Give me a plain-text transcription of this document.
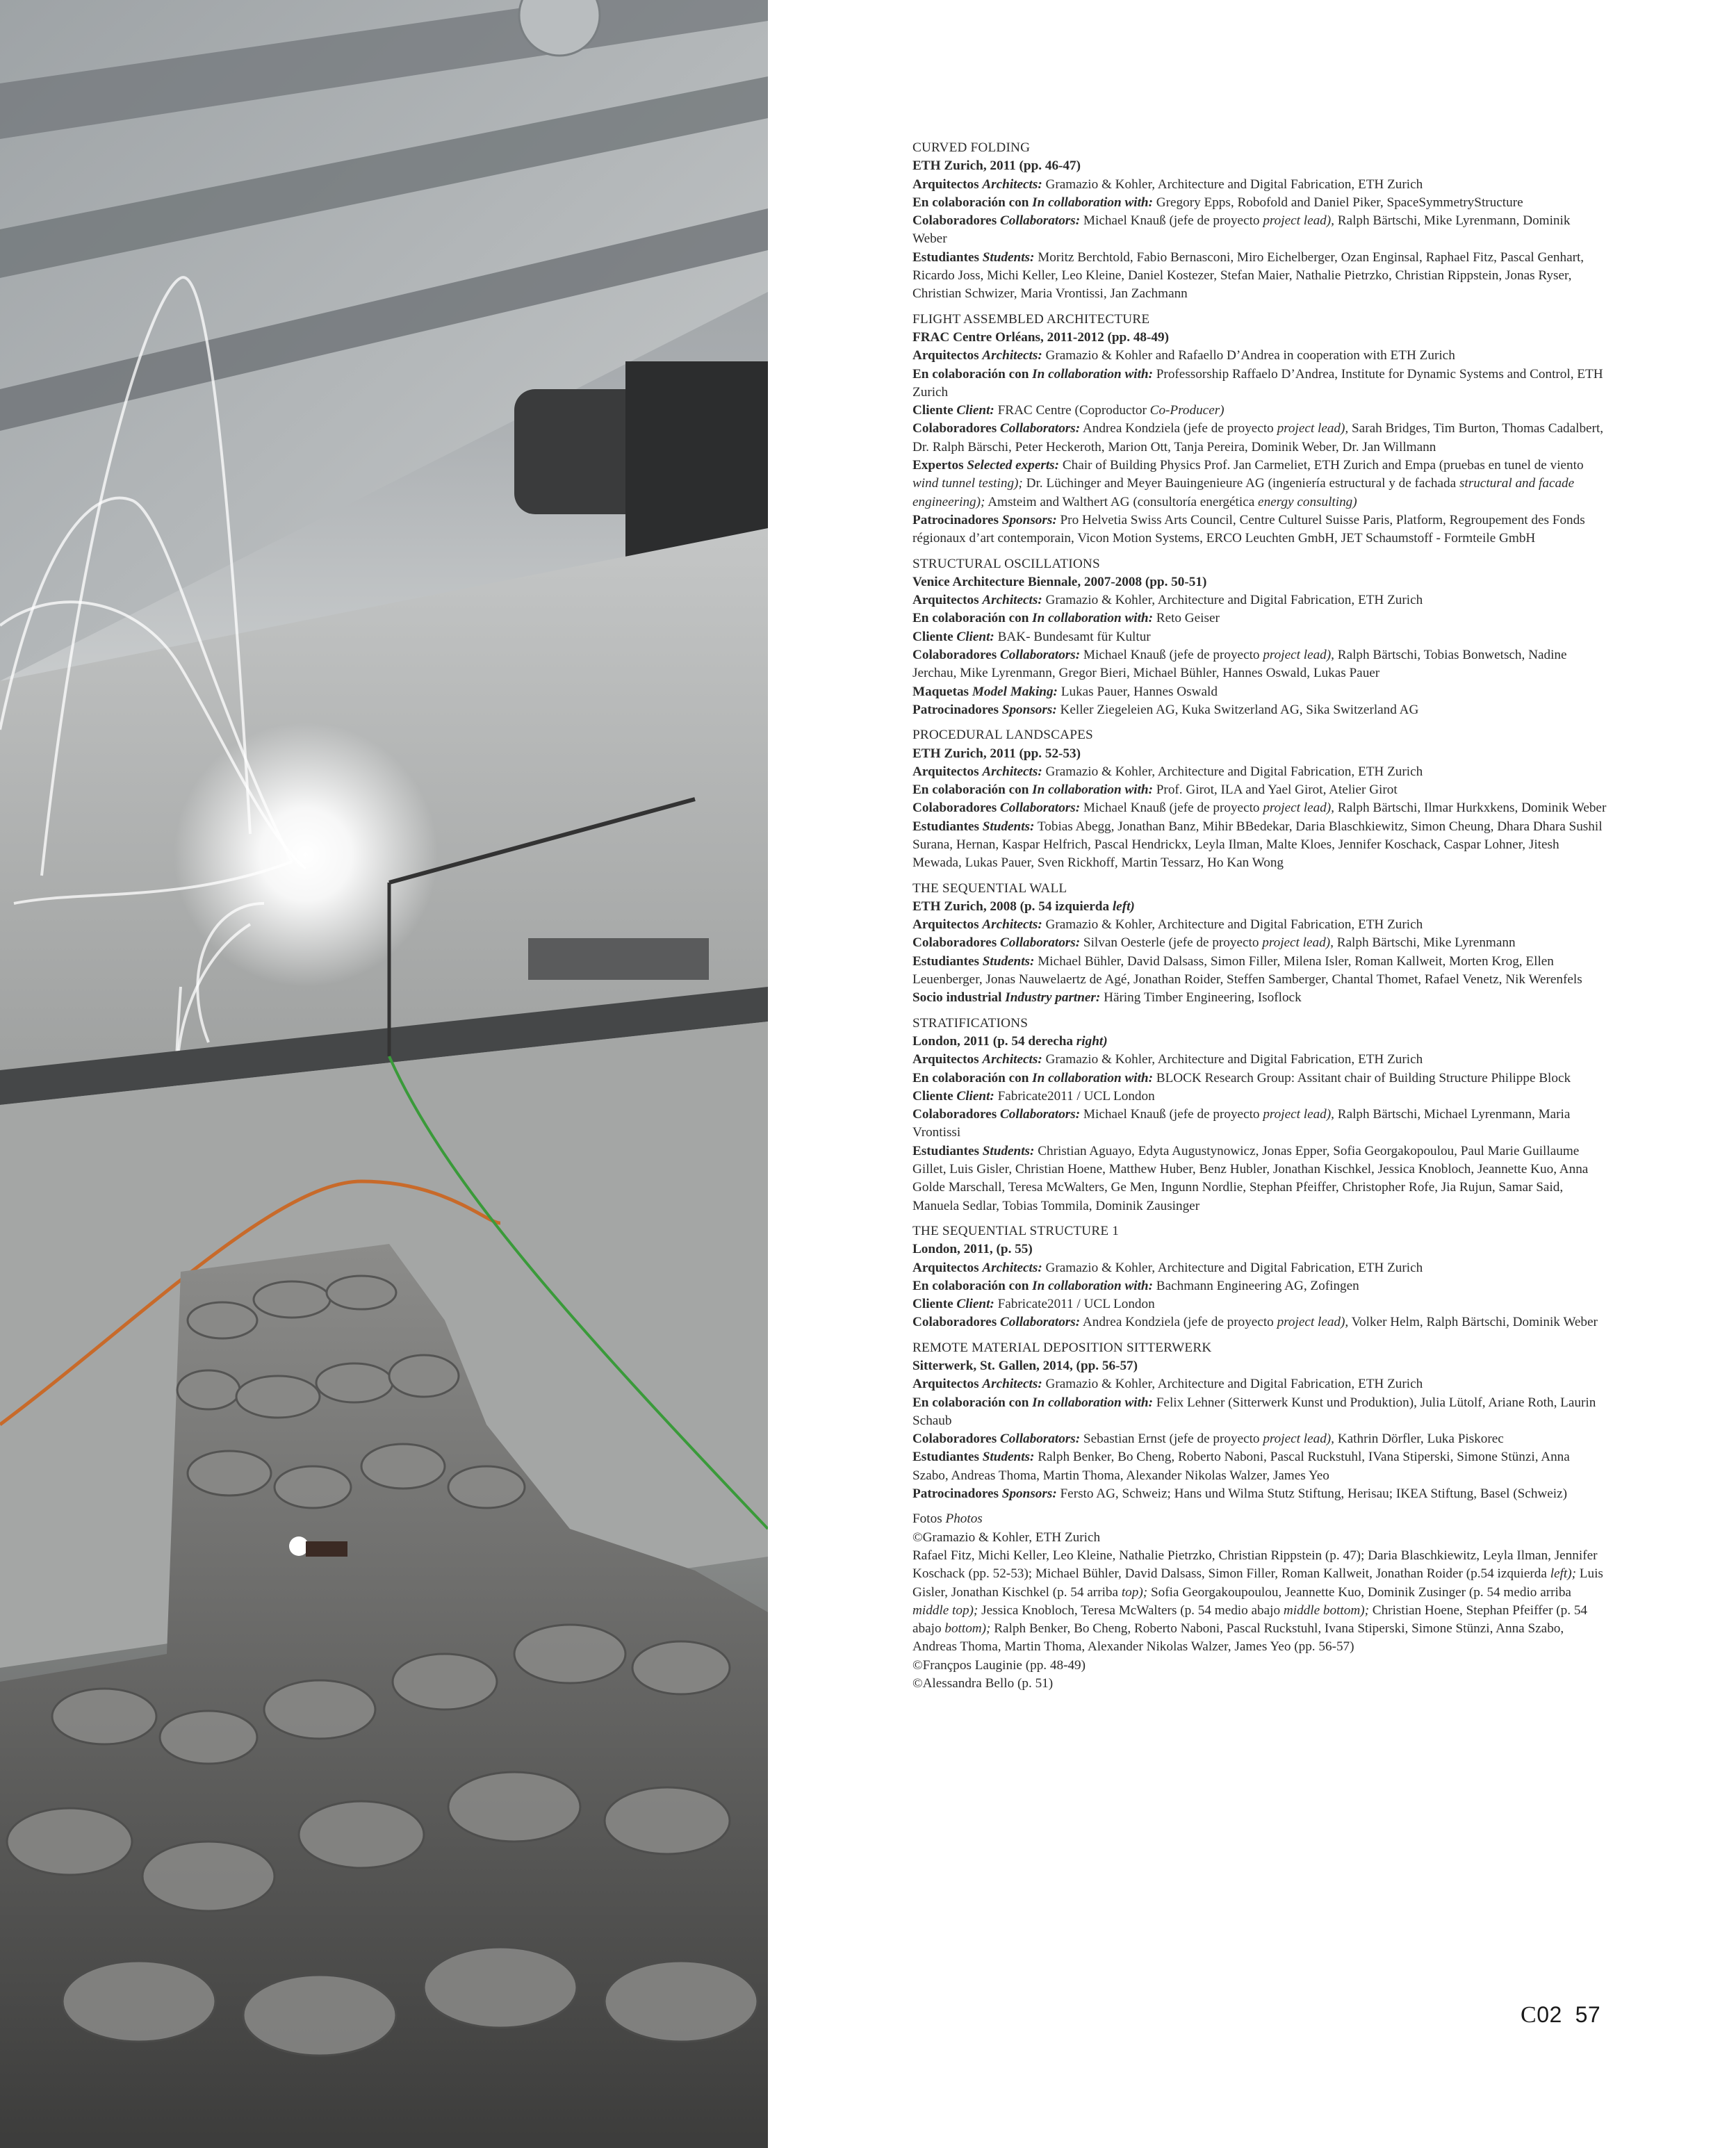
CURVED FOLDING
ETH Zurich, 2011 (pp. 46-47)
Arquitectos Architects: Gramazio & Kohler, Architecture and Digital Fabrication, ETH Zurich
En colaboración con In collaboration with: Gregory Epps, Robofold and Daniel Piker, SpaceSymmetryStructure
Colaboradores Collaborators: Michael Knauß (jefe de proyecto project lead), Ralph Bärtschi, Mike Lyrenmann, Dominik Weber
Estudiantes Students: Moritz Berchtold, Fabio Bernasconi, Miro Eichelberger, Ozan Enginsal, Raphael Fitz, Pascal Genhart, Ricardo Joss, Michi Keller, Leo Kleine, Daniel Kostezer, Stefan Maier, Nathalie Pietrzko, Christian Rippstein, Jonas Ryser, Christian Schwizer, Maria Vrontissi, Jan Zachmann
FLIGHT ASSEMBLED ARCHITECTURE
FRAC Centre Orléans, 2011-2012 (pp. 48-49)
Arquitectos Architects: Gramazio & Kohler and Rafaello D’Andrea in cooperation with ETH Zurich
En colaboración con In collaboration with: Professorship Raffaelo D’Andrea, Institute for Dynamic Systems and Control, ETH Zurich
Cliente Client: FRAC Centre (Coproductor Co-Producer)
Colaboradores Collaborators: Andrea Kondziela (jefe de proyecto project lead), Sarah Bridges, Tim Burton, Thomas Cadalbert, Dr. Ralph Bärschi, Peter Heckeroth, Marion Ott, Tanja Pereira, Dominik Weber, Dr. Jan Willmann
Expertos Selected experts: Chair of Building Physics Prof. Jan Carmeliet, ETH Zurich and Empa (pruebas en tunel de viento wind tunnel testing); Dr. Lüchinger and Meyer Bauingenieure AG (ingeniería estructural y de fachada structural and facade engineering); Amsteim and Walthert AG (consultoría energética energy consulting)
Patrocinadores Sponsors: Pro Helvetia Swiss Arts Council, Centre Culturel Suisse Paris, Platform, Regroupement des Fonds régionaux d’art contemporain, Vicon Motion Systems, ERCO Leuchten GmbH, JET Schaumstoff - Formteile GmbH
STRUCTURAL OSCILLATIONS
Venice Architecture Biennale, 2007-2008 (pp. 50-51)
Arquitectos Architects: Gramazio & Kohler, Architecture and Digital Fabrication, ETH Zurich
En colaboración con In collaboration with: Reto Geiser
Cliente Client: BAK- Bundesamt für Kultur
Colaboradores Collaborators: Michael Knauß (jefe de proyecto project lead), Ralph Bärtschi, Tobias Bonwetsch, Nadine Jerchau, Mike Lyrenmann, Gregor Bieri, Michael Bühler, Hannes Oswald, Lukas Pauer
Maquetas Model Making: Lukas Pauer, Hannes Oswald
Patrocinadores Sponsors: Keller Ziegeleien AG, Kuka Switzerland AG, Sika Switzerland AG
PROCEDURAL LANDSCAPES
ETH Zurich, 2011 (pp. 52-53)
Arquitectos Architects: Gramazio & Kohler, Architecture and Digital Fabrication, ETH Zurich
En colaboración con In collaboration with: Prof. Girot, ILA and Yael Girot, Atelier Girot
Colaboradores Collaborators: Michael Knauß (jefe de proyecto project lead), Ralph Bärtschi, Ilmar Hurkxkens, Dominik Weber
Estudiantes Students: Tobias Abegg, Jonathan Banz, Mihir BBedekar, Daria Blaschkiewitz, Simon Cheung, Dhara Dhara Sushil Surana, Hernan, Kaspar Helfrich, Pascal Hendrickx, Leyla Ilman, Malte Kloes, Jennifer Koschack, Caspar Lohner, Jitesh Mewada, Lukas Pauer, Sven Rickhoff, Martin Tessarz, Ho Kan Wong
THE SEQUENTIAL WALL
ETH Zurich, 2008 (p. 54 izquierda left)
Arquitectos Architects: Gramazio & Kohler, Architecture and Digital Fabrication, ETH Zurich
Colaboradores Collaborators: Silvan Oesterle (jefe de proyecto project lead), Ralph Bärtschi, Mike Lyrenmann
Estudiantes Students: Michael Bühler, David Dalsass, Simon Filler, Milena Isler, Roman Kallweit, Morten Krog, Ellen Leuenberger, Jonas Nauwelaertz de Agé, Jonathan Roider, Steffen Samberger, Chantal Thomet, Rafael Venetz, Nik Werenfels
Socio industrial Industry partner: Häring Timber Engineering, Isoflock
STRATIFICATIONS
London, 2011 (p. 54 derecha right)
Arquitectos Architects: Gramazio & Kohler, Architecture and Digital Fabrication, ETH Zurich
En colaboración con In collaboration with: BLOCK Research Group: Assitant chair of Building Structure Philippe Block
Cliente Client: Fabricate2011 / UCL London
Colaboradores Collaborators: Michael Knauß (jefe de proyecto project lead), Ralph Bärtschi, Michael Lyrenmann, Maria Vrontissi
Estudiantes Students: Christian Aguayo, Edyta Augustynowicz, Jonas Epper, Sofia Georgakopoulou, Paul Marie Guillaume Gillet, Luis Gisler, Christian Hoene, Matthew Huber, Benz Hubler, Jonathan Kischkel, Jessica Knobloch, Jeannette Kuo, Anna Golde Marschall, Teresa McWalters, Ge Men, Ingunn Nordlie, Stephan Pfeiffer, Christopher Rofe, Jia Rujun, Samar Said, Manuela Sedlar, Tobias Tommila, Dominik Zausinger
THE SEQUENTIAL STRUCTURE 1
London, 2011, (p. 55)
Arquitectos Architects: Gramazio & Kohler, Architecture and Digital Fabrication, ETH Zurich
En colaboración con In collaboration with: Bachmann Engineering AG, Zofingen
Cliente Client: Fabricate2011 / UCL London
Colaboradores Collaborators: Andrea Kondziela (jefe de proyecto project lead), Volker Helm, Ralph Bärtschi, Dominik Weber
REMOTE MATERIAL DEPOSITION SITTERWERK
Sitterwerk, St. Gallen, 2014, (pp. 56-57)
Arquitectos Architects: Gramazio & Kohler, Architecture and Digital Fabrication, ETH Zurich
En colaboración con In collaboration with: Felix Lehner (Sitterwerk Kunst und Produktion), Julia Lütolf, Ariane Roth, Laurin Schaub
Colaboradores Collaborators: Sebastian Ernst (jefe de proyecto project lead), Kathrin Dörfler, Luka Piskorec
Estudiantes Students: Ralph Benker, Bo Cheng, Roberto Naboni, Pascal Ruckstuhl, IVana Stiperski, Simone Stünzi, Anna Szabo, Andreas Thoma, Martin Thoma, Alexander Nikolas Walzer, James Yeo
Patrocinadores Sponsors: Fersto AG, Schweiz; Hans und Wilma Stutz Stiftung, Herisau; IKEA Stiftung, Basel (Schweiz)
Fotos Photos
©Gramazio & Kohler, ETH Zurich
Rafael Fitz, Michi Keller, Leo Kleine, Nathalie Pietrzko, Christian Rippstein (p. 47); Daria Blaschkiewitz, Leyla Ilman, Jennifer Koschack (pp. 52-53); Michael Bühler, David Dalsass, Simon Filler, Roman Kallweit, Jonathan Roider (p.54 izquierda left); Luis Gisler, Jonathan Kischkel (p. 54 arriba top); Sofia Georgakoupoulou, Jeannette Kuo, Dominik Zusinger (p. 54 medio arriba middle top); Jessica Knobloch, Teresa McWalters (p. 54 medio abajo middle bottom); Christian Hoene, Stephan Pfeiffer (p. 54 abajo bottom); Ralph Benker, Bo Cheng, Roberto Naboni, Pascal Ruckstuhl, Ivana Stiperski, Simone Stünzi, Anna Szabo, Andreas Thoma, Martin Thoma, Alexander Nikolas Walzer, James Yeo (pp. 56-57)
©Françpos Lauginie (pp. 48-49)
©Alessandra Bello (p. 51)
C02 57
